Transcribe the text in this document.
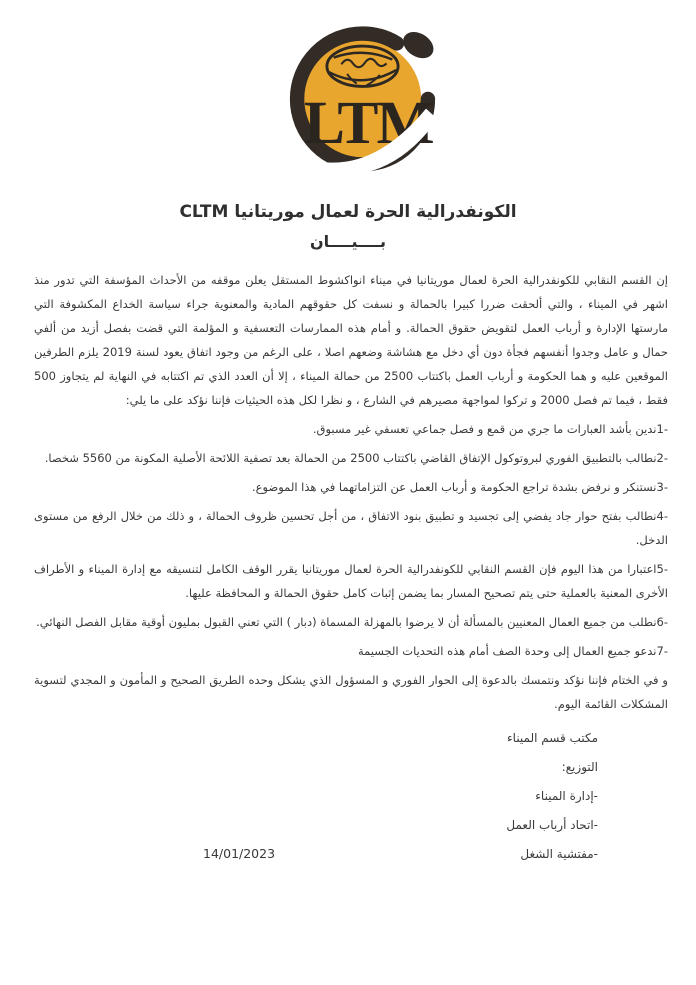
LTM
الكونفدرالية الحرة لعمال موريتانيا CLTM
بــــيــــان

إن القسم النقابي للكونفدرالية الحرة لعمال موريتانيا في ميناء انواكشوط المستقل يعلن موقفه من الأحداث المؤسفة التي تدور منذ اشهر في الميناء ، والتي ألحقت ضررا كبيرا بالحمالة و نسفت كل حقوقهم المادية والمعنوية جراء سياسة الخداع المكشوفة التي مارستها الإدارة و أرباب العمل لتقويض حقوق الحمالة. و أمام هذه الممارسات التعسفية و المؤلمة التي قضت بفصل أزيد من ألفي حمال و عامل وجدوا أنفسهم فجأة دون أي دخل مع هشاشة وضعهم اصلا ، على الرغم من وجود اتفاق يعود لسنة 2019 يلزم الطرفين الموقعين عليه و هما الحكومة و أرباب العمل باكتتاب 2500 من حمالة الميناء ، إلا أن العدد الذي تم اكتتابه في النهاية لم يتجاوز 500 فقط ، فيما تم فصل 2000 و تركوا لمواجهة مصيرهم في الشارع ، و نظرا لكل هذه الحيثيات فإننا نؤكد على ما يلي:

-1ندين بأشد العبارات ما جري من قمع و فصل جماعي تعسفي غير مسبوق.

-2نطالب بالتطبيق الفوري لبروتوكول الإتفاق القاضي باكتتاب 2500 من الحمالة بعد تصفية اللائحة الأصلية المكونة من 5560 شخصا.

-3نستنكر و نرفض بشدة تراجع الحكومة و أرباب العمل عن التزاماتهما في هذا الموضوع.

-4نطالب بفتح حوار جاد يفضي إلى تجسيد و تطبيق بنود الاتفاق ، من أجل تحسين ظروف الحمالة ، و ذلك من خلال الرفع من مستوى الدخل.

-5اعتبارا من هذا اليوم فإن القسم النقابي للكونفدرالية الحرة لعمال موريتانيا يقرر الوقف الكامل لتنسيقه مع إدارة الميناء و الأطراف الأخرى المعنية بالعملية حتى يتم تصحيح المسار بما يضمن إثبات كامل حقوق الحمالة و المحافظة عليها.

-6نطلب من جميع العمال المعنيين بالمسألة أن لا يرضوا بالمهزلة المسماة (دبار ) التي تعني القبول بمليون أوقية مقابل الفصل النهائي.

-7ندعو جميع العمال إلى وحدة الصف أمام هذه التحديات الجسيمة

و في الختام فإننا نؤكد ونتمسك بالدعوة إلى الحوار الفوري و المسؤول الذي يشكل وحده الطريق الصحيح و المأمون و المجدي لتسوية المشكلات القائمة اليوم.

مكتب قسم الميناء

التوزيع:

-إدارة الميناء

-اتحاد أرباب العمل

14/01/2023	-مفتشية الشغل
